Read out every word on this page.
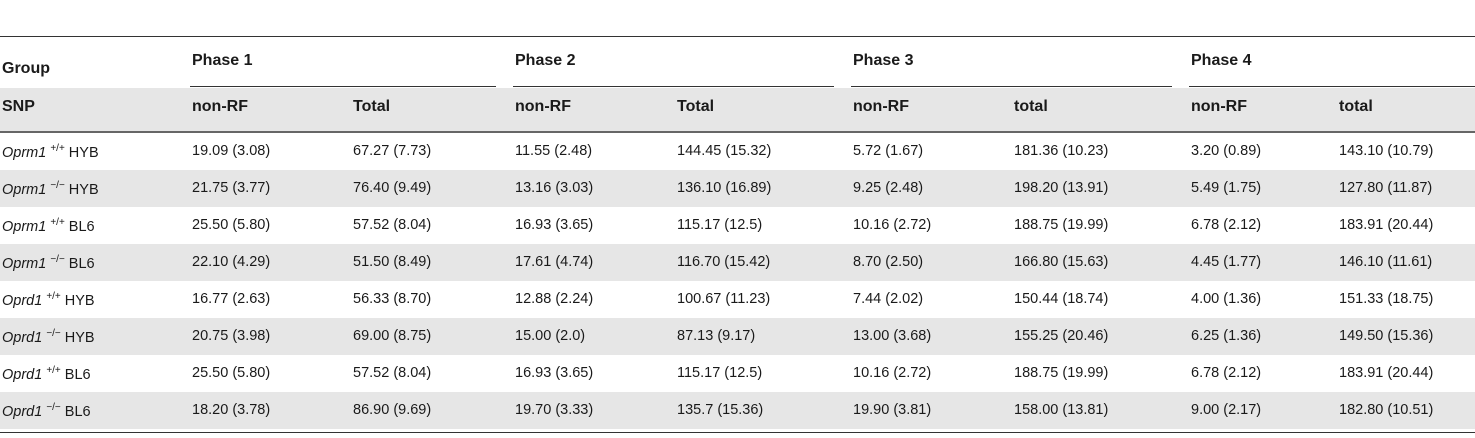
Group	Phase 1	Phase 2	Phase 3	Phase 4
SNP	non-RF	Total	non-RF	Total	non-RF	total	non-RF	total
Oprm1 +/+ HYB	19.09 (3.08)	67.27 (7.73)	11.55 (2.48)	144.45 (15.32)	5.72 (1.67)	181.36 (10.23)	3.20 (0.89)	143.10 (10.79)
Oprm1 −/− HYB	21.75 (3.77)	76.40 (9.49)	13.16 (3.03)	136.10 (16.89)	9.25 (2.48)	198.20 (13.91)	5.49 (1.75)	127.80 (11.87)
Oprm1 +/+ BL6	25.50 (5.80)	57.52 (8.04)	16.93 (3.65)	115.17 (12.5)	10.16 (2.72)	188.75 (19.99)	6.78 (2.12)	183.91 (20.44)
Oprm1 −/− BL6	22.10 (4.29)	51.50 (8.49)	17.61 (4.74)	116.70 (15.42)	8.70 (2.50)	166.80 (15.63)	4.45 (1.77)	146.10 (11.61)
Oprd1 +/+ HYB	16.77 (2.63)	56.33 (8.70)	12.88 (2.24)	100.67 (11.23)	7.44 (2.02)	150.44 (18.74)	4.00 (1.36)	151.33 (18.75)
Oprd1 −/− HYB	20.75 (3.98)	69.00 (8.75)	15.00 (2.0)	87.13 (9.17)	13.00 (3.68)	155.25 (20.46)	6.25 (1.36)	149.50 (15.36)
Oprd1 +/+ BL6	25.50 (5.80)	57.52 (8.04)	16.93 (3.65)	115.17 (12.5)	10.16 (2.72)	188.75 (19.99)	6.78 (2.12)	183.91 (20.44)
Oprd1 −/− BL6	18.20 (3.78)	86.90 (9.69)	19.70 (3.33)	135.7 (15.36)	19.90 (3.81)	158.00 (13.81)	9.00 (2.17)	182.80 (10.51)
